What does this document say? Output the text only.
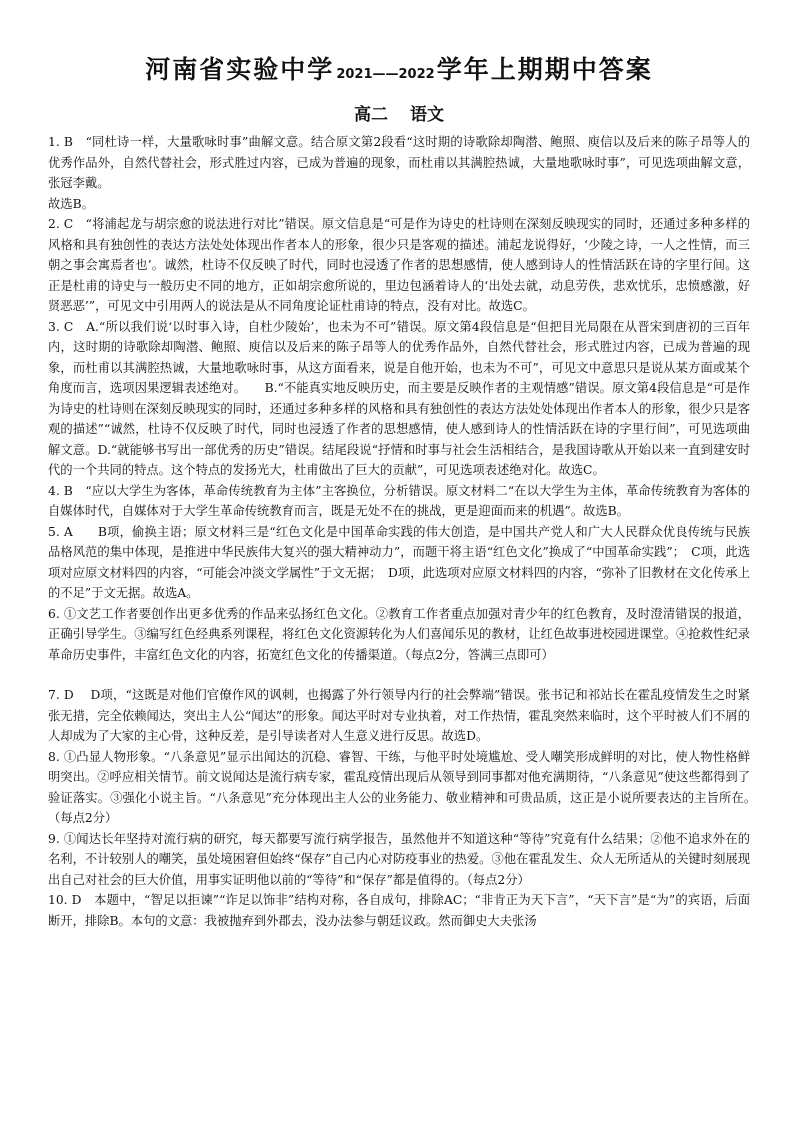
河南省实验中学 2021——2022学年上期期中答案
高二 语文

1. B　“同杜诗一样，大量歌咏时事”曲解文意。结合原文第2段看“这时期的诗歌除却陶潜、鲍照、庾信以及后来的陈子昂等人的优秀作品外，自然代替社会，形式胜过内容，已成为普遍的现象，而杜甫以其满腔热诚，大量地歌咏时事”，可见选项曲解文意，张冠李戴。

故选B。

2. C　“将浦起龙与胡宗愈的说法进行对比”错误。原文信息是“可是作为诗史的杜诗则在深刻反映现实的同时，还通过多种多样的风格和具有独创性的表达方法处处体现出作者本人的形象，很少只是客观的描述。浦起龙说得好，‘少陵之诗，一人之性情，而三朝之事会寓焉者也’。诚然，杜诗不仅反映了时代，同时也浸透了作者的思想感情，使人感到诗人的性情活跃在诗的字里行间。这正是杜甫的诗史与一般历史不同的地方，正如胡宗愈所说的，里边包涵着诗人的‘出处去就，动息劳佚，悲欢忧乐，忠愤感激，好贤恶恶’”，可见文中引用两人的说法是从不同角度论证杜甫诗的特点，没有对比。故选C。

3. C　A.“所以我们说‘以时事入诗，自杜少陵始’，也未为不可”错误。原文第4段信息是“但把目光局限在从晋宋到唐初的三百年内，这时期的诗歌除却陶潜、鲍照、庾信以及后来的陈子昂等人的优秀作品外，自然代替社会，形式胜过内容，已成为普遍的现象，而杜甫以其满腔热诚，大量地歌咏时事，从这方面看来，说是自他开始，也未为不可”，可见文中意思只是说从某方面或某个角度而言，选项因果逻辑表述绝对。　　B.“不能真实地反映历史，而主要是反映作者的主观情感”错误。原文第4段信息是“可是作为诗史的杜诗则在深刻反映现实的同时，还通过多种多样的风格和具有独创性的表达方法处处体现出作者本人的形象，很少只是客观的描述”“诚然，杜诗不仅反映了时代，同时也浸透了作者的思想感情，使人感到诗人的性情活跃在诗的字里行间”，可见选项曲解文意。D.“就能够书写出一部优秀的历史”错误。结尾段说“抒情和时事与社会生活相结合，是我国诗歌从开始以来一直到建安时代的一个共同的特点。这个特点的发扬光大，杜甫做出了巨大的贡献”，可见选项表述绝对化。故选C。

4. B　“应以大学生为客体，革命传统教育为主体”主客换位，分析错误。原文材料二“在以大学生为主体，革命传统教育为客体的自媒体时代，自媒体对于大学生革命传统教育而言，既是无处不在的挑战，更是迎面而来的机遇”。故选B。

5. A　　B项，偷换主语；原文材料三是“红色文化是中国革命实践的伟大创造，是中国共产党人和广大人民群众优良传统与民族品格风范的集中体现，是推进中华民族伟大复兴的强大精神动力”，而题干将主语“红色文化”换成了“中国革命实践”；　C项，此选项对应原文材料四的内容，“可能会冲淡文学属性”于文无据；　D项，此选项对应原文材料四的内容，“弥补了旧教材在文化传承上的不足”于文无据。故选A。

6. ①文艺工作者要创作出更多优秀的作品来弘扬红色文化。②教育工作者重点加强对青少年的红色教育，及时澄清错误的报道，正确引导学生。③编写红色经典系列课程，将红色文化资源转化为人们喜闻乐见的教材，让红色故事进校园进课堂。④抢救性纪录革命历史事件，丰富红色文化的内容，拓宽红色文化的传播渠道。（每点2分，答满三点即可）

7. D　 D项，“这既是对他们官僚作风的讽刺，也揭露了外行领导内行的社会弊端”错误。张书记和祁站长在霍乱疫情发生之时紧张无措，完全依赖闻达，突出主人公“闻达”的形象。闻达平时对专业执着，对工作热情，霍乱突然来临时，这个平时被人们不屑的人却成为了大家的主心骨，这种反差，是引导读者对人生意义进行反思。故选D。

8. ①凸显人物形象。“八条意见”显示出闻达的沉稳、睿智、干练，与他平时处境尴尬、受人嘲笑形成鲜明的对比，使人物性格鲜明突出。②呼应相关情节。前文说闻达是流行病专家，霍乱疫情出现后从领导到同事都对他充满期待，“八条意见”使这些都得到了验证落实。③强化小说主旨。“八条意见”充分体现出主人公的业务能力、敬业精神和可贵品质，这正是小说所要表达的主旨所在。　（每点2分）

9. ①闻达长年坚持对流行病的研究，每天都要写流行病学报告，虽然他并不知道这种“等待”究竟有什么结果；②他不追求外在的名利，不计较别人的嘲笑，虽处境困窘但始终“保存”自己内心对防疫事业的热爱。③他在霍乱发生、众人无所适从的关键时刻展现出自己对社会的巨大价值，用事实证明他以前的“等待”和“保存”都是值得的。（每点2分）

10. D　本题中，“智足以拒谏”“诈足以饰非”结构对称，各自成句，排除AC；“非肯正为天下言”，“天下言”是“为”的宾语，后面断开，排除B。本句的文意：我被抛弃到外郡去，没办法参与朝廷议政。然而御史大夫张汤
